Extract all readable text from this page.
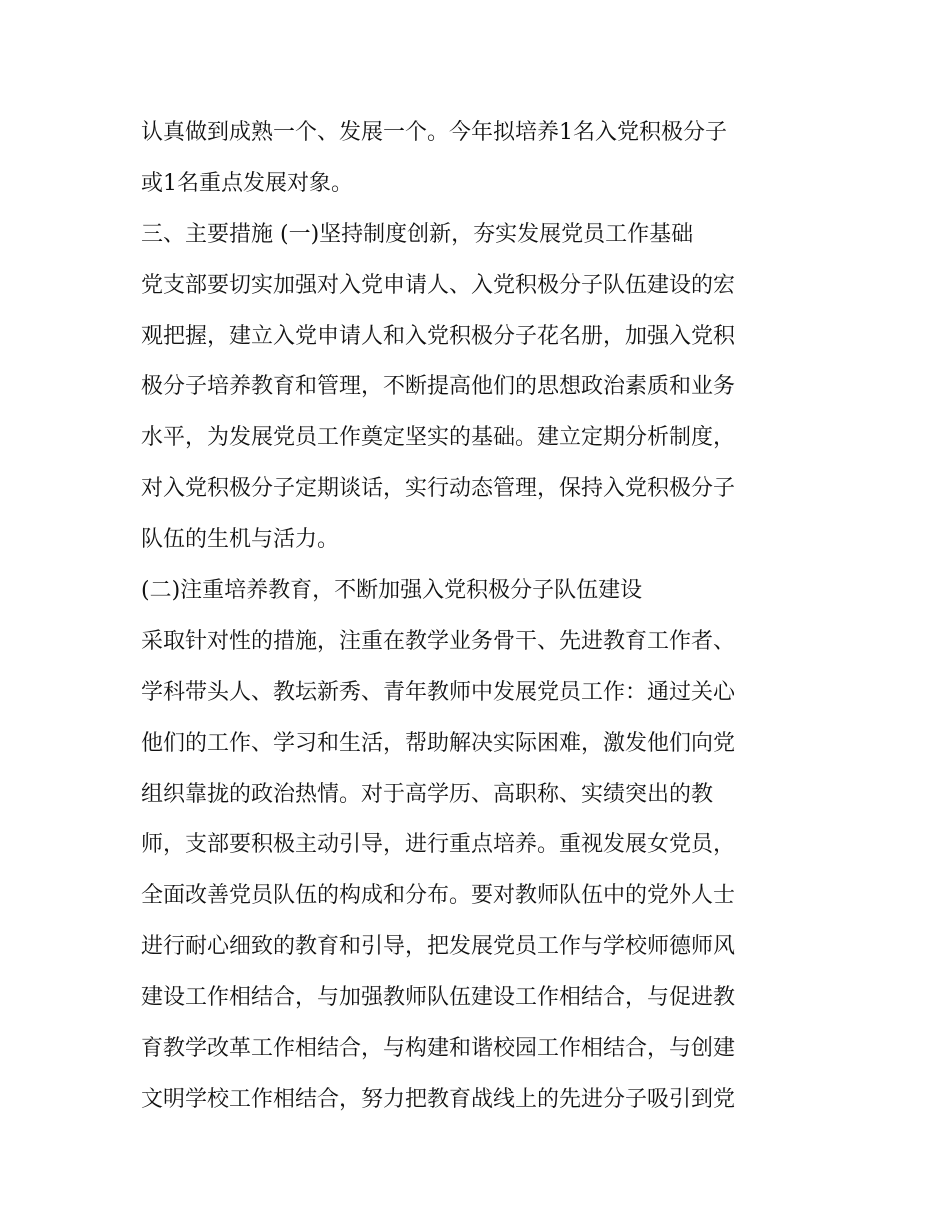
认真做到成熟一个、发展一个。今年拟培养1名入党积极分子

或1名重点发展对象。

三、主要措施 (一)坚持制度创新，夯实发展党员工作基础

党支部要切实加强对入党申请人、入党积极分子队伍建设的宏

观把握，建立入党申请人和入党积极分子花名册，加强入党积

极分子培养教育和管理，不断提高他们的思想政治素质和业务

水平，为发展党员工作奠定坚实的基础。建立定期分析制度，

对入党积极分子定期谈话，实行动态管理，保持入党积极分子

队伍的生机与活力。

(二)注重培养教育，不断加强入党积极分子队伍建设

采取针对性的措施，注重在教学业务骨干、先进教育工作者、

学科带头人、教坛新秀、青年教师中发展党员工作：通过关心

他们的工作、学习和生活，帮助解决实际困难，激发他们向党

组织靠拢的政治热情。对于高学历、高职称、实绩突出的教

师，支部要积极主动引导，进行重点培养。重视发展女党员，

全面改善党员队伍的构成和分布。要对教师队伍中的党外人士

进行耐心细致的教育和引导，把发展党员工作与学校师德师风

建设工作相结合，与加强教师队伍建设工作相结合，与促进教

育教学改革工作相结合，与构建和谐校园工作相结合，与创建

文明学校工作相结合，努力把教育战线上的先进分子吸引到党
